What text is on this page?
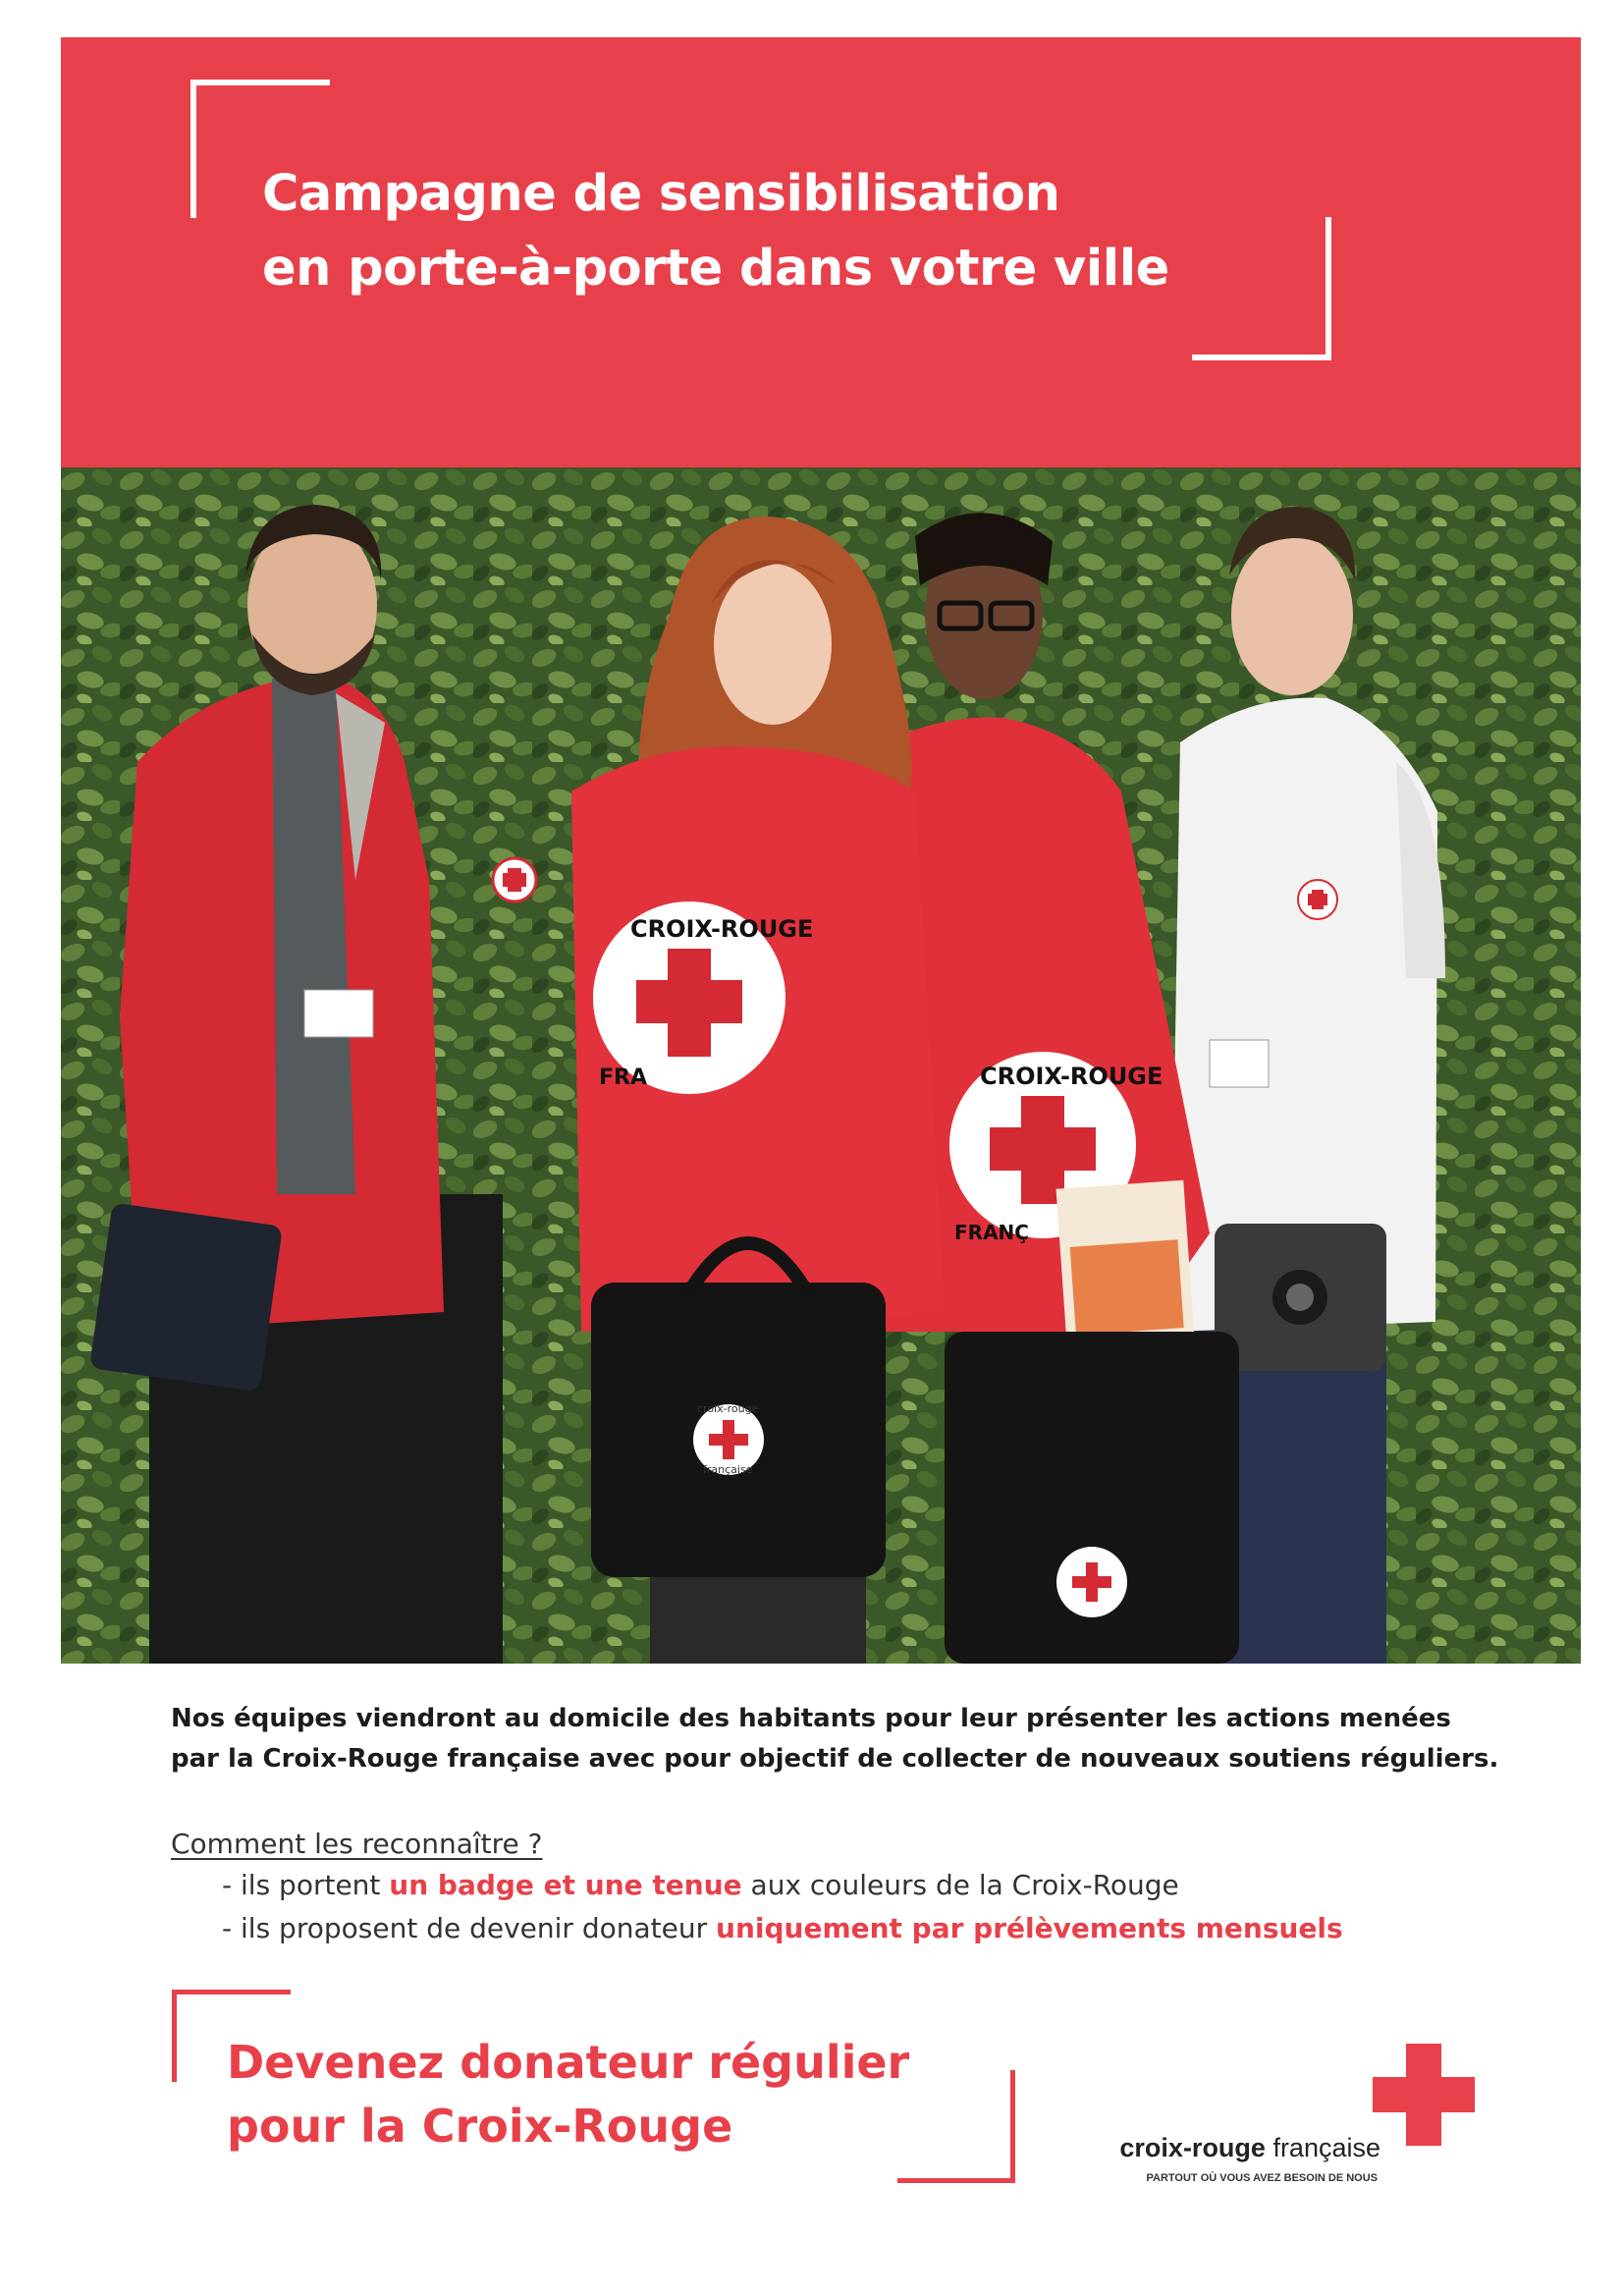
Campagne de sensibilisation
en porte-à-porte dans votre ville
CROIX-ROUGE
FRANÇ
CROIX-ROUGE
FRA
croix-rouge
française

Nos équipes viendront au domicile des habitants pour leur présenter les actions menées par la Croix-Rouge française avec pour objectif de collecter de nouveaux soutiens réguliers.

Comment les reconnaître ?

- ils portent un badge et une tenue aux couleurs de la Croix-Rouge
- ils proposent de devenir donateur uniquement par prélèvements mensuels
Devenez donateur régulier
pour la Croix-Rouge	croix-rouge française
PARTOUT OÙ VOUS AVEZ BESOIN DE NOUS
